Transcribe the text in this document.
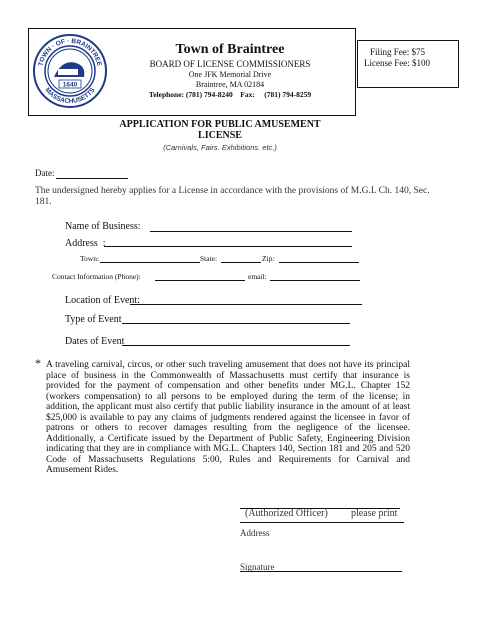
TOWN · OF · BRAINTREE
MASSACHUSETTS
1640
Town of Braintree
BOARD OF LICENSE COMMISSIONERS
One JFK Memorial Drive
Braintree, MA 02184
Telephone: (781) 794-8240    Fax:     (781) 794-8259
Filing Fee: $75
License Fee: $100
APPLICATION FOR PUBLIC AMUSEMENT
LICENSE
(Carnivals, Fairs. Exhibitions. etc.)
Date:
The undersigned hereby applies for a License in accordance with the provisions of M.G.L Ch. 140, Sec. 181.
Name of Business:
Address  :
Town:	State:	Zip:
Contact Information (Phone):	email:
Location of Event:
Type of Event
Dates of Event
* A traveling carnival, circus, or other such traveling amusement that does not have its principal place of business in the Commonwealth of Massachusetts must certify that insurance is provided for the payment of compensation and other benefits under MG.L. Chapter 152 (workers compensation) to all persons to be employed during the term of the license; in addition, the applicant must also certify that public liability insurance in the amount of at least $25,000 is available to pay any claims of judgments rendered against the licensee in favor of patrons or others to recover damages resulting from the negligence of the licensee. Additionally, a Certificate issued by the Department of Public Safety, Engineering Division indicating that they are in compliance with MG.L. Chapters 140, Section 181 and 205 and 520 Code of Massachusetts Regulations 5:00, Rules and Requirements for Carnival and Amusement Rides.
(Authorized Officer) please print
Address
Signature
